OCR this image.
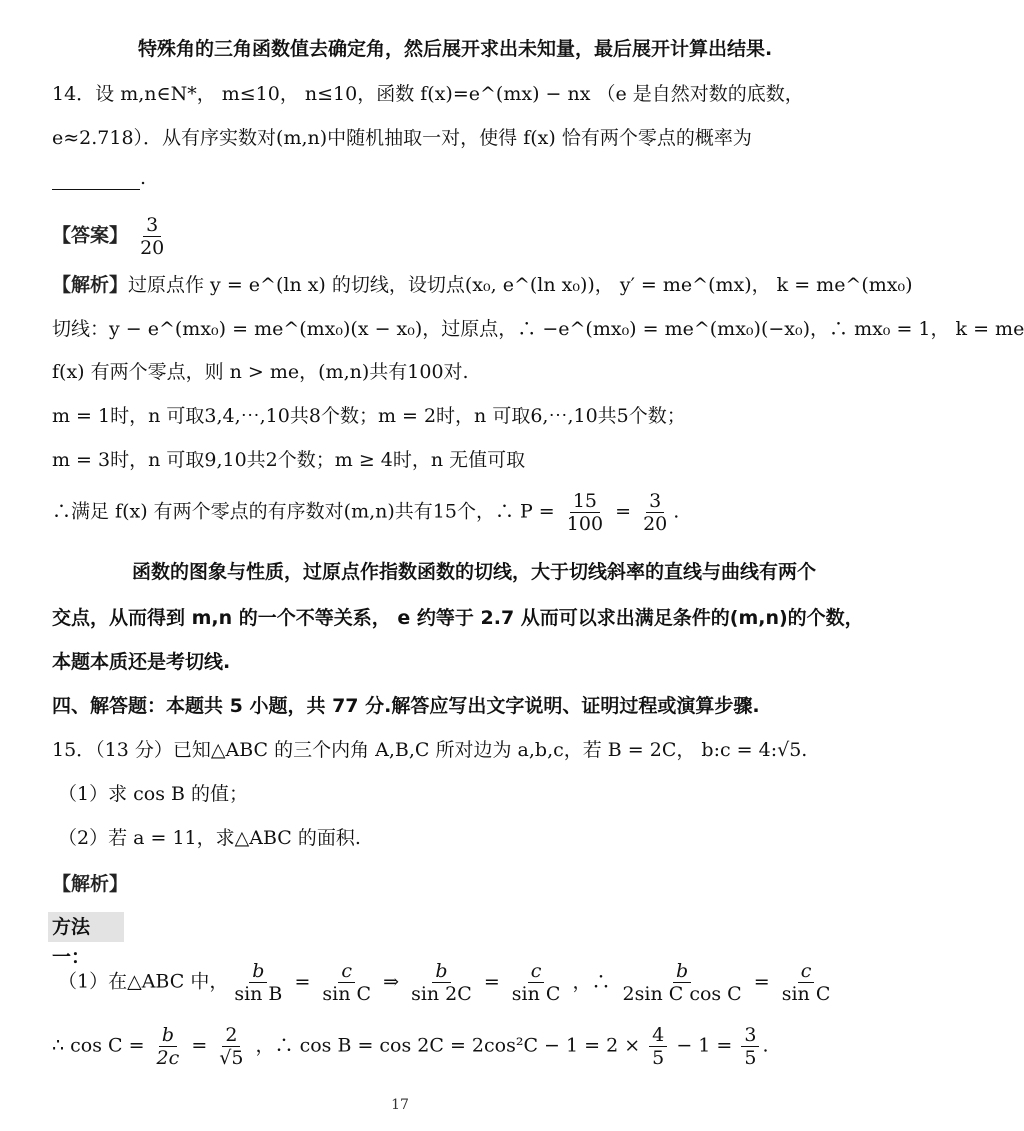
特殊角的三角函数值去确定角，然后展开求出未知量，最后展开计算出结果.
14．设 m,n∈N*， m≤10， n≤10，函数 f(x)=e^(mx) − nx （e 是自然对数的底数，
e≈2.718）．从有序实数对(m,n)中随机抽取一对，使得 f(x) 恰有两个零点的概率为
.
【答案】 $\frac{3}{20}$
【解析】过原点作 y = e^(ln x) 的切线，设切点(x₀, e^(ln x₀))， y′ = me^(mx)， k = me^(mx₀)
切线：y − e^(mx₀) = me^(mx₀)(x − x₀)，过原点，∴ −e^(mx₀) = me^(mx₀)(−x₀)，∴ mx₀ = 1， k = me
f(x) 有两个零点，则 n > me，(m,n)共有100对.
m = 1时，n 可取3,4,⋯,10共8个数；m = 2时，n 可取6,⋯,10共5个数；
m = 3时，n 可取9,10共2个数；m ≥ 4时，n 无值可取
∴满足 f(x) 有两个零点的有序数对(m,n)共有15个，∴ $P = \frac{15}{100} = \frac{3}{20}$ .
函数的图象与性质，过原点作指数函数的切线，大于切线斜率的直线与曲线有两个
交点，从而得到 m,n 的一个不等关系， e 约等于 2.7 从而可以求出满足条件的(m,n)的个数，
本题本质还是考切线.
四、解答题：本题共 5 小题，共 77 分.解答应写出文字说明、证明过程或演算步骤.
15．（13 分）已知△ABC 的三个内角 A,B,C 所对边为 a,b,c，若 B = 2C， b:c = 4:√5.
（1）求 cos B 的值；
（2）若 a = 11，求△ABC 的面积.
【解析】
方法一：
（1）在△ABC 中， $\frac{b}{\text{sin B}} = \frac{c}{\text{sin C}}$ ⇒ $\frac{b}{\sin 2C} = \frac{c}{\text{sin C}}$ ，∴ $\frac{b}{\text{2sin C cos C}} = \frac{c}{\text{sin C}}$
∴ $\cos C = \frac{b}{2c} = \frac{2}{√5}$ ，∴ $\cos B = \cos 2C = 2\cos^2C - 1 = 2 \times \frac{4}{5} - 1 = \frac{3}{5}$ .
17
